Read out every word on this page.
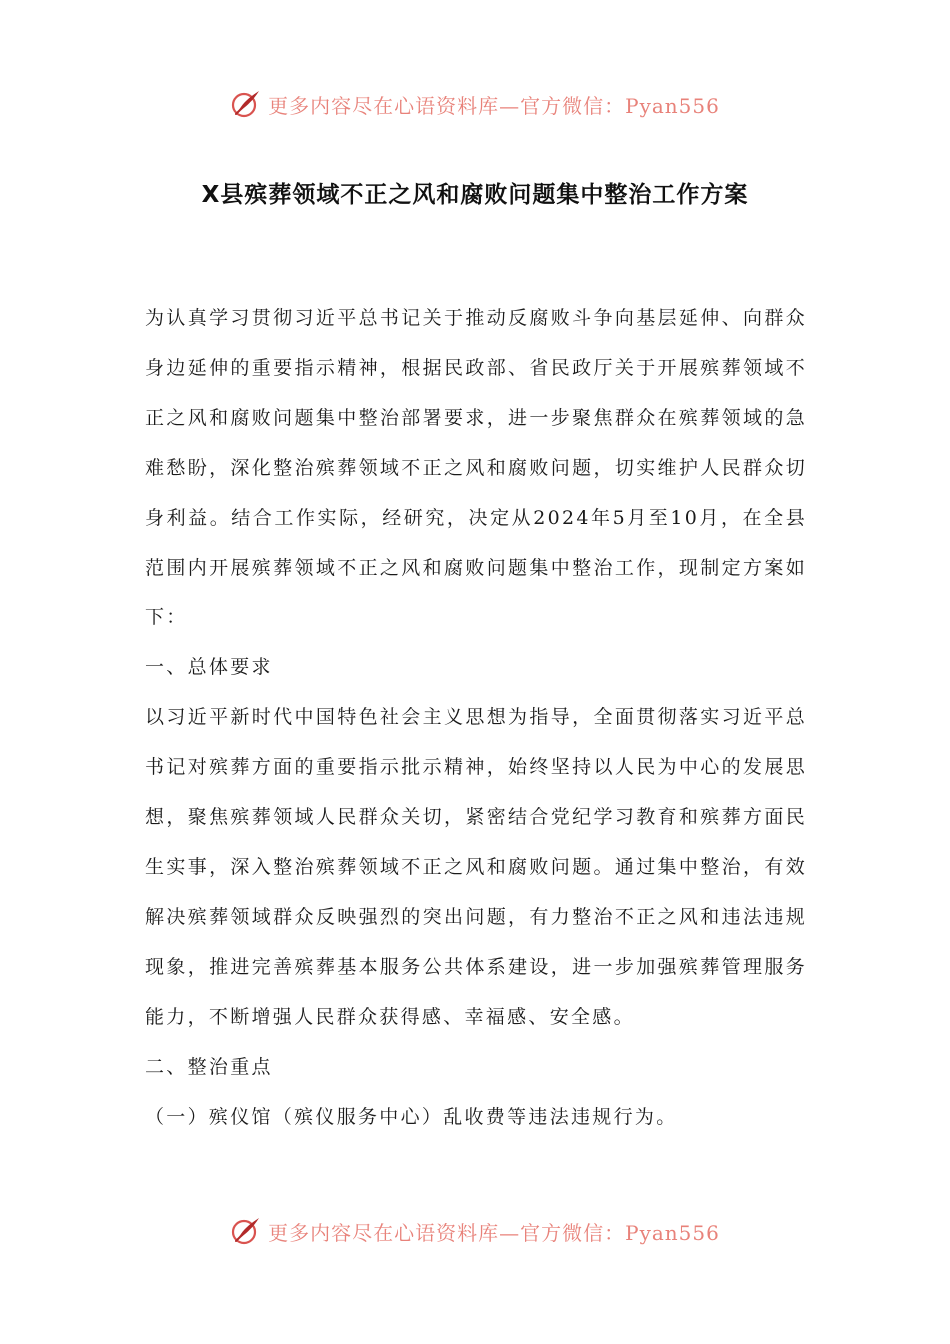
更多内容尽在心语资料库—官方微信：Pyan556
X县殡葬领域不正之风和腐败问题集中整治工作方案

为认真学习贯彻习近平总书记关于推动反腐败斗争向基层延伸、向群众身边延伸的重要指示精神，根据民政部、省民政厅关于开展殡葬领域不正之风和腐败问题集中整治部署要求，进一步聚焦群众在殡葬领域的急难愁盼，深化整治殡葬领域不正之风和腐败问题，切实维护人民群众切身利益。结合工作实际，经研究，决定从2024年5月至10月，在全县范围内开展殡葬领域不正之风和腐败问题集中整治工作，现制定方案如下：

一、总体要求

以习近平新时代中国特色社会主义思想为指导，全面贯彻落实习近平总书记对殡葬方面的重要指示批示精神，始终坚持以人民为中心的发展思想，聚焦殡葬领域人民群众关切，紧密结合党纪学习教育和殡葬方面民生实事，深入整治殡葬领域不正之风和腐败问题。通过集中整治，有效解决殡葬领域群众反映强烈的突出问题，有力整治不正之风和违法违规现象，推进完善殡葬基本服务公共体系建设，进一步加强殡葬管理服务能力，不断增强人民群众获得感、幸福感、安全感。

二、整治重点

（一）殡仪馆（殡仪服务中心）乱收费等违法违规行为。

更多内容尽在心语资料库—官方微信：Pyan556
